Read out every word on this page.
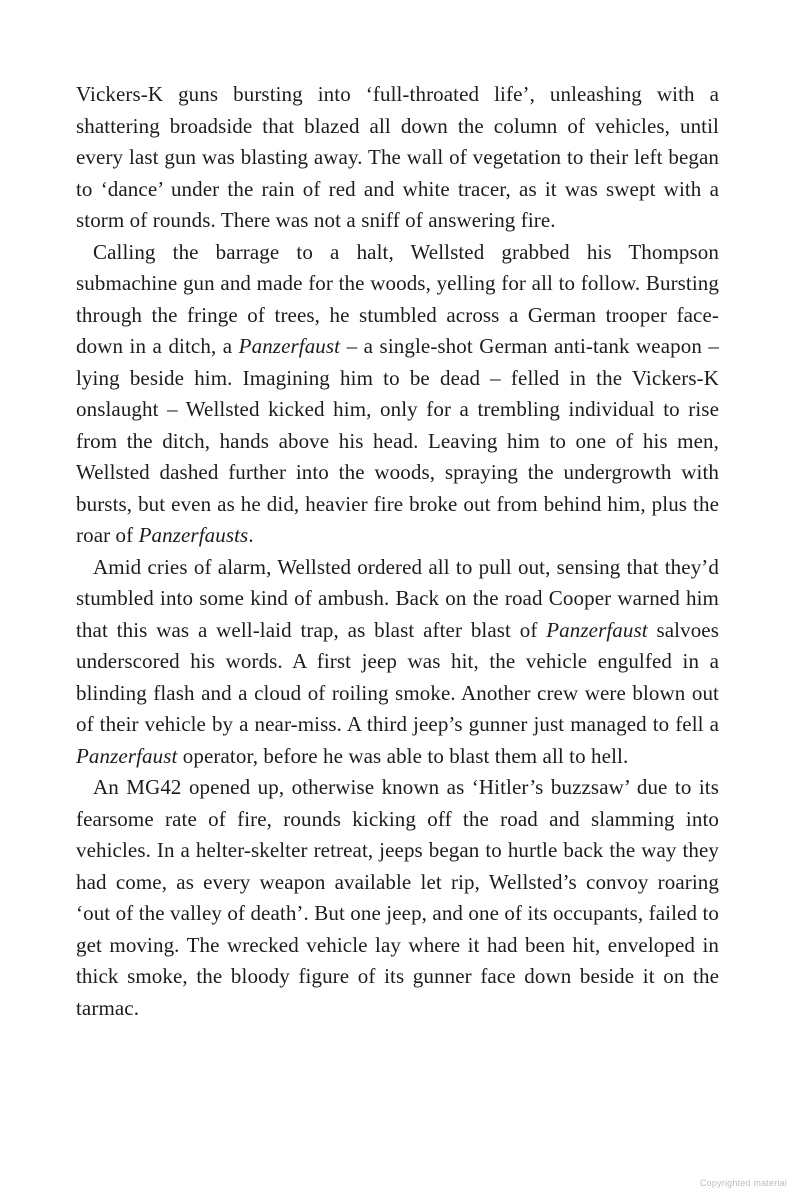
Vickers-K guns bursting into ‘full-throated life’, unleashing with a shattering broadside that blazed all down the column of vehicles, until every last gun was blasting away. The wall of vegetation to their left began to ‘dance’ under the rain of red and white tracer, as it was swept with a storm of rounds. There was not a sniff of answering fire.

Calling the barrage to a halt, Wellsted grabbed his Thompson submachine gun and made for the woods, yelling for all to follow. Bursting through the fringe of trees, he stumbled across a German trooper face-down in a ditch, a Panzerfaust – a single-shot German anti-tank weapon – lying beside him. Imagining him to be dead – felled in the Vickers-K onslaught – Wellsted kicked him, only for a trembling individual to rise from the ditch, hands above his head. Leaving him to one of his men, Wellsted dashed further into the woods, spraying the undergrowth with bursts, but even as he did, heavier fire broke out from behind him, plus the roar of Panzerfausts.

Amid cries of alarm, Wellsted ordered all to pull out, sensing that they’d stumbled into some kind of ambush. Back on the road Cooper warned him that this was a well-laid trap, as blast after blast of Panzerfaust salvoes underscored his words. A first jeep was hit, the vehicle engulfed in a blinding flash and a cloud of roiling smoke. Another crew were blown out of their vehicle by a near-miss. A third jeep’s gunner just managed to fell a Panzerfaust operator, before he was able to blast them all to hell.

An MG42 opened up, otherwise known as ‘Hitler’s buzzsaw’ due to its fearsome rate of fire, rounds kicking off the road and slamming into vehicles. In a helter-skelter retreat, jeeps began to hurtle back the way they had come, as every weapon available let rip, Wellsted’s convoy roaring ‘out of the valley of death’. But one jeep, and one of its occupants, failed to get moving. The wrecked vehicle lay where it had been hit, enveloped in thick smoke, the bloody figure of its gunner face down beside it on the tarmac.

Copyrighted material
